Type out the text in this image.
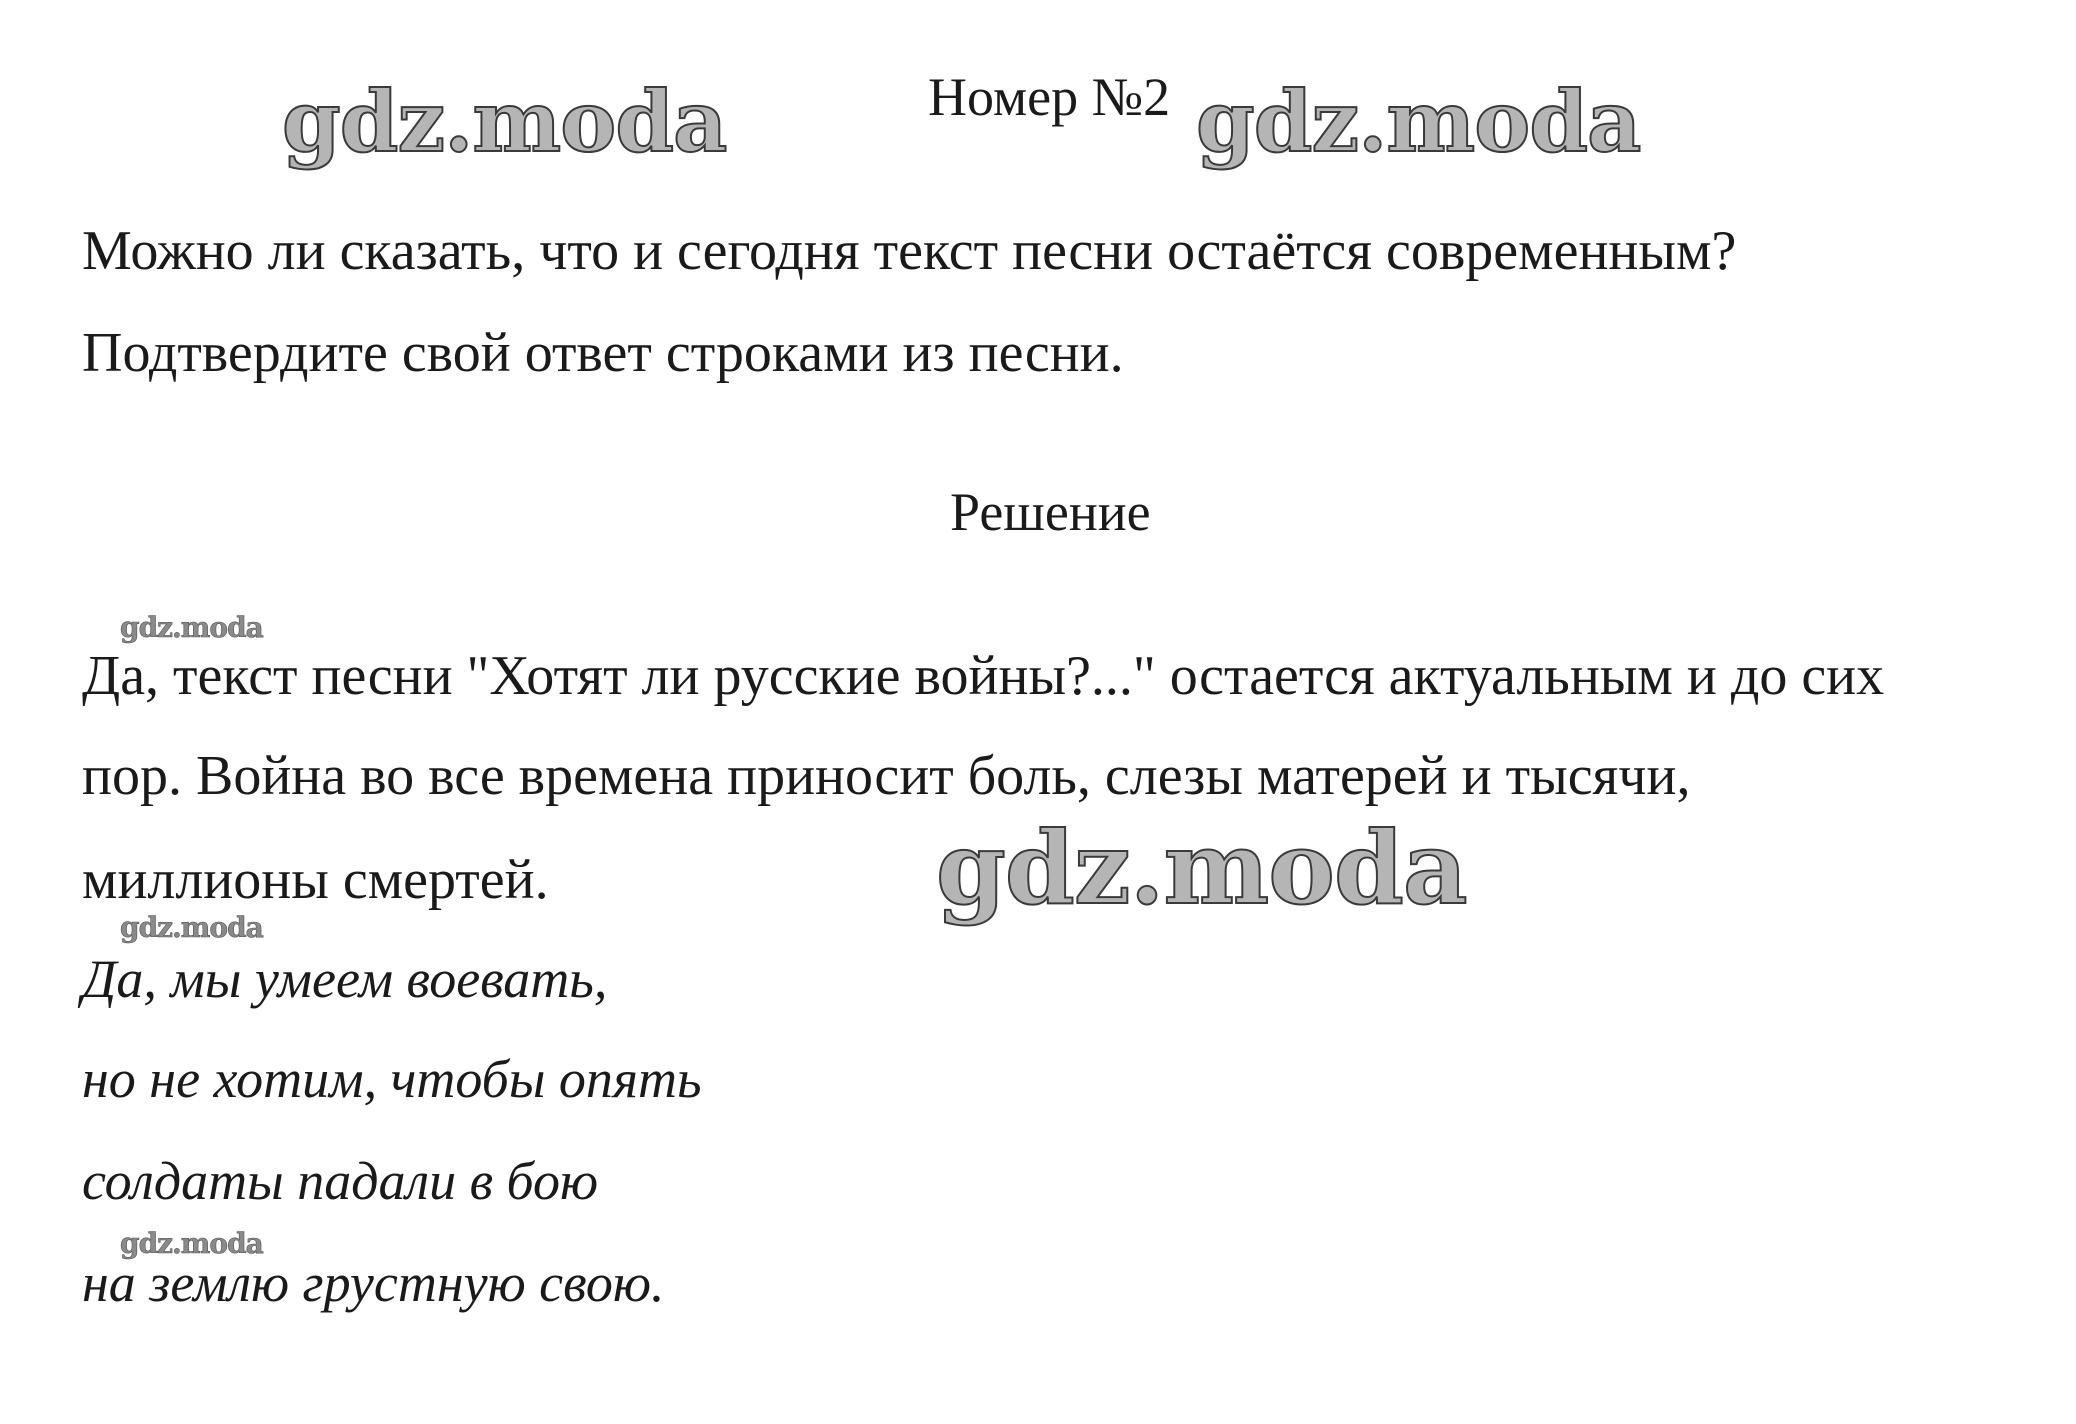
Номер №2
Можно ли сказать, что и сегодня текст песни остаётся современным?
Подтвердите свой ответ строками из песни.
Решение
Да, текст песни "Хотят ли русские войны?..." остается актуальным и до сих
пор. Война во все времена приносит боль, слезы матерей и тысячи,
миллионы смертей.
Да, мы умеем воевать,
но не хотим, чтобы опять
солдаты падали в бою
на землю грустную свою.
gdz.moda	gdz.moda
gdz.moda
gdz.moda
gdz.moda
gdz.moda
